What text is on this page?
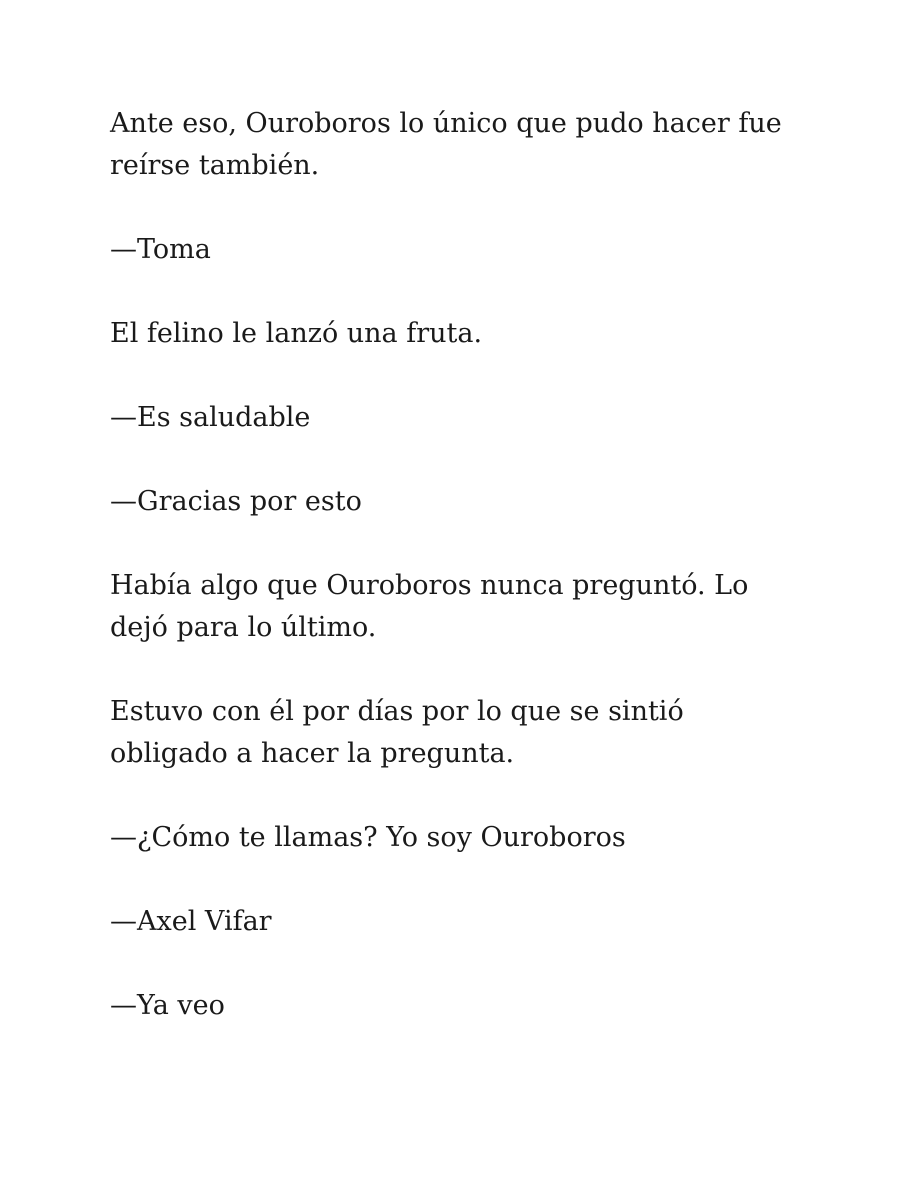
Ante eso, Ouroboros lo único que pudo hacer fue reírse también.

—Toma

El felino le lanzó una fruta.

—Es saludable

—Gracias por esto

Había algo que Ouroboros nunca preguntó. Lo dejó para lo último.

Estuvo con él por días por lo que se sintió obligado a hacer la pregunta.

—¿Cómo te llamas? Yo soy Ouroboros

—Axel Vifar

—Ya veo
